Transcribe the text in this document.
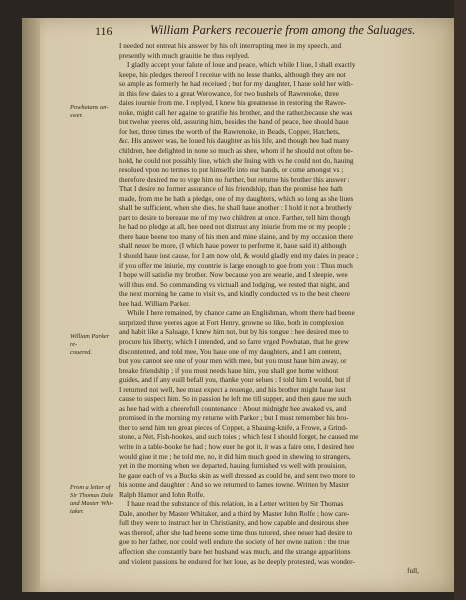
116	William Parkers recouerie from among the Saluages.
Powhatans an-
swer.
William Parker re-
couered.
From a letter of
Sir Thomas Dale
and Master Whi-
taker.
I needed not entreat his answer by his oft interrupting mee in my speech, and
presently with much grauitie he thus replyed.
I gladly accept your falute of loue and peace, which while I liue, I shall exactly
keepe, his pledges thereof I receiue with no lesse thanks, although they are not
so ample as formerly he had receiued ; but for my daughter, I haue sold her with-
in this few daies to a great Werowance, for two bushels of Rawrenoke, three
daies iournie from me. I replyed, I knew his greatnesse in restoring the Rawre-
noke, might call her againe to gratifie his brother, and the rather,because she was
but twelue yeeres old, assuring him, besides the band of peace, hee should haue
for her, three times the worth of the Rawrenoke, in Beads, Copper, Hatchets,
&c. His answer was, he loued his daughter as his life, and though hee had many
children, hee delighted in none so much as shee, whom if he should not often be-
hold, he could not possibly liue, which she liuing with vs he could not do, hauing
resolued vpon no termes to put himselfe into our hands, or come amongst vs ;
therefore desired me to vrge him no further, but returne his brother this answer :
That I desire no former assurance of his friendship, than the promise hee hath
made, from me he hath a pledge, one of my daughters, which so long as she liues
shall be sufficient, when she dies, he shall haue another : I hold it not a brotherly
part to desire to bereaue me of my two children at once. Farther, tell him though
he had no pledge at all, hee need not distrust any iniurie from me or my people ;
there haue beene too many of his men and mine slaine, and by my occasion there
shall neuer be more, (I which haue power to performe it, haue said it) although
I should haue iust cause, for I am now old, & would gladly end my daies in peace ;
if you offer me iniurie, my countrie is large enough to goe from you : Thus much
I hope will satisfie my brother. Now because you are wearie, and I sleepie, wee
will thus end. So commanding vs victuall and lodging, we rested that night, and
the next morning he came to visit vs, and kindly conducted vs to the best cheere
hee had. William Parker.
While I here remained, by chance came an Englishman, whom there had beene
surprized three yeeres agoe at Fort Henry, growne so like, both in complexion
and habit like a Saluage, I knew him not, but by his tongue : hee desired mee to
procure his liberty, which I intended, and so farre vrged Powhatan, that he grew
discontented, and told mee, You haue one of my daughters, and I am content,
but you cannot see one of your men with mee, but you must haue him away, or
breake friendship ; if you must needs haue him, you shall goe home without
guides, and if any euill befall you, thanke your selues : I told him I would, but if
I returned not well, hee must expect a reuenge, and his brother might haue iust
cause to suspect him. So in passion he left me till supper, and then gaue me such
as hee had with a cheerefull countenance : About midnight hee awaked vs, and
promised in the morning my returne with Parker ; but I must remember his bro-
ther to send him ten great pieces of Copper, a Shauing-knife, a Frowe, a Grind-
stone, a Net, Fish-hookes, and such toies ; which lest I should forget, he caused me
write in a table-booke he had ; how euer he got it, it was a faire one, I desired hee
would giue it me ; he told me, no, it did him much good in shewing to strangers,
yet in the morning when we departed, hauing furnished vs well with prouision,
he gaue each of vs a Bucks skin as well dressed as could be, and sent two more to
his sonne and daughter : And so we returned to Iames towne. Written by Master
Ralph Hamor and Iohn Rolfe.
I haue read the substance of this relation, in a Letter written by Sir Thomas
Dale, another by Master Whitaker, and a third by Master Iohn Rolfe ; how care-
full they were to instruct her in Christianity, and how capable and desirous shee
was thereof, after she had beene some time thus tutored, shee neuer had desire to
goe to her father, nor could well endure the society of her owne nation : the true
affection she constantly bare her husband was much, and the strange apparitions
and violent passions he endured for her loue, as he deeply protested, was wonder-
full,
